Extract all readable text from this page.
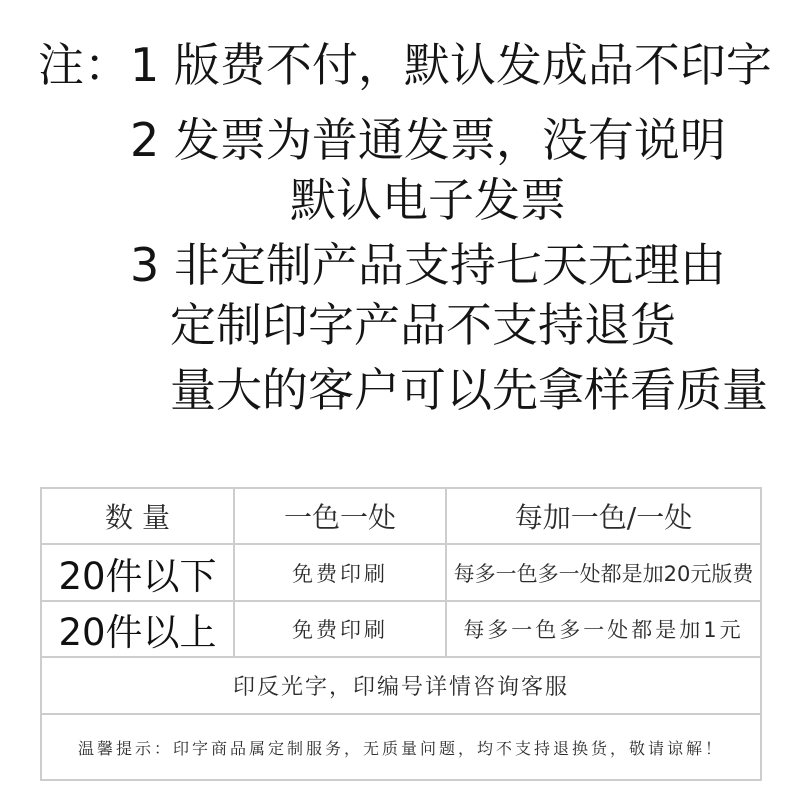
注：1 版费不付，默认发成品不印字
2 发票为普通发票，没有说明
默认电子发票
3 非定制产品支持七天无理由
定制印字产品不支持退货
量大的客户可以先拿样看质量
数 量	一色一处	每加一色/一处
20件以下	免费印刷	每多一色多一处都是加20元版费
20件以上	免费印刷	每多一色多一处都是加1元
印反光字，印编号详情咨询客服		
温馨提示：印字商品属定制服务，无质量问题，均不支持退换货，敬请谅解！		
